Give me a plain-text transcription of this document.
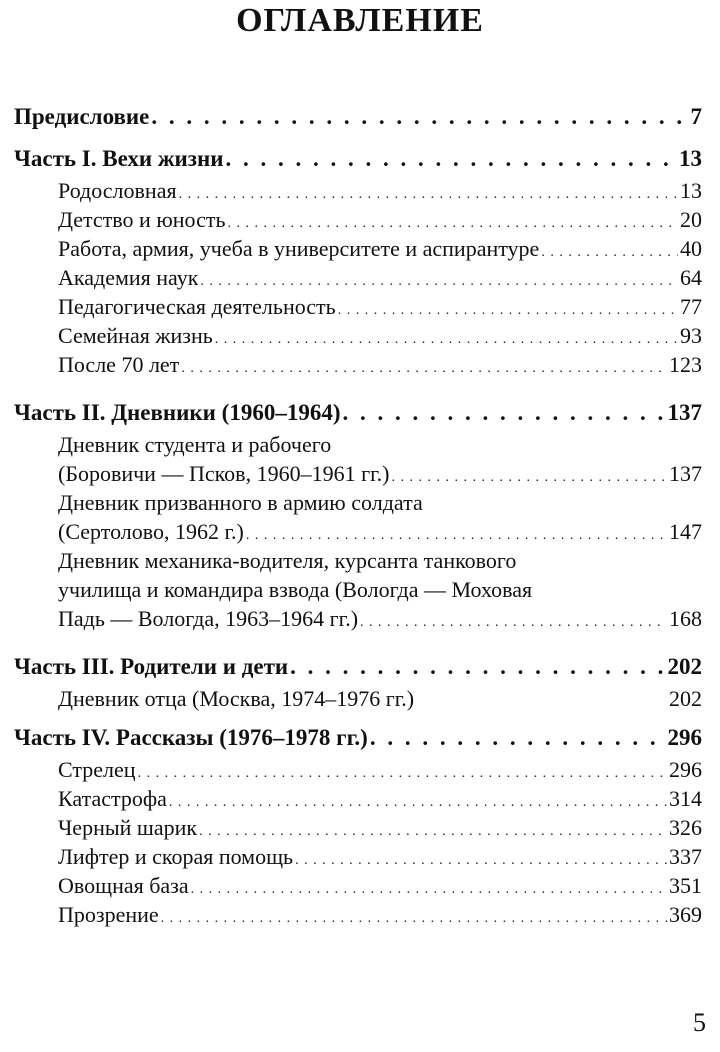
ОГЛАВЛЕНИЕ
Предисловие . . .	7
Часть I. Вехи жизни . . .	13
Родословная . . .	13
Детство и юность . . .	20
Работа, армия, учеба в университете и аспирантуре . . .	40
Академия наук . . .	64
Педагогическая деятельность . . .	77
Семейная жизнь . . .	93
После 70 лет . . .	123
Часть II. Дневники (1960–1964) . . .	137
Дневник студента и рабочего
(Боровичи — Псков, 1960–1961 гг.) . . .	137
Дневник призванного в армию солдата
(Сертолово, 1962 г.) . . .	147
Дневник механика-водителя, курсанта танкового
училища и командира взвода (Вологда — Моховая
Падь — Вологда, 1963–1964 гг.) . . .	168
Часть III. Родители и дети . . .	202
Дневник отца (Москва, 1974–1976 гг.)	202
Часть IV. Рассказы (1976–1978 гг.) . . .	296
Стрелец . . .	296
Катастрофа . . .	314
Черный шарик . . .	326
Лифтер и скорая помощь . . .	337
Овощная база . . .	351
Прозрение . . .	369
5
